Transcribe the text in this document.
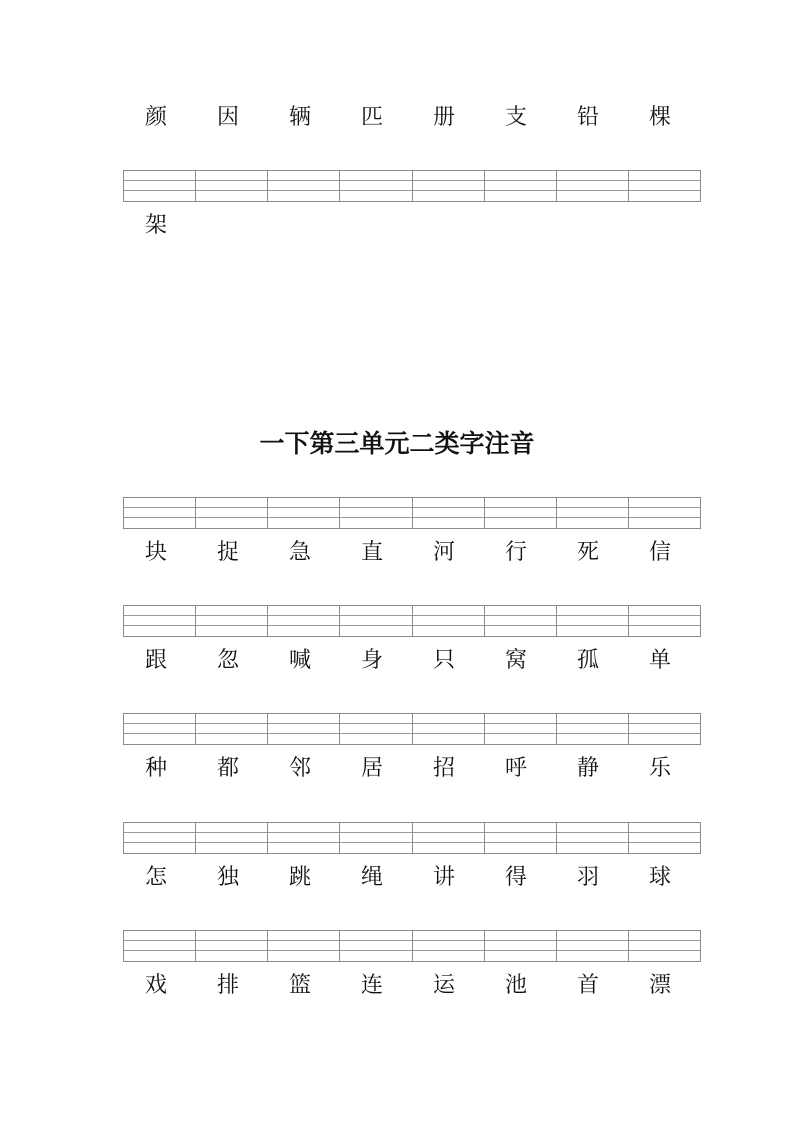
颜	因	辆	匹	册	支	铅	棵
架
一下第三单元二类字注音
块	捉	急	直	河	行	死	信
跟	忽	喊	身	只	窝	孤	单
种	都	邻	居	招	呼	静	乐
怎	独	跳	绳	讲	得	羽	球
戏	排	篮	连	运	池	首	漂
